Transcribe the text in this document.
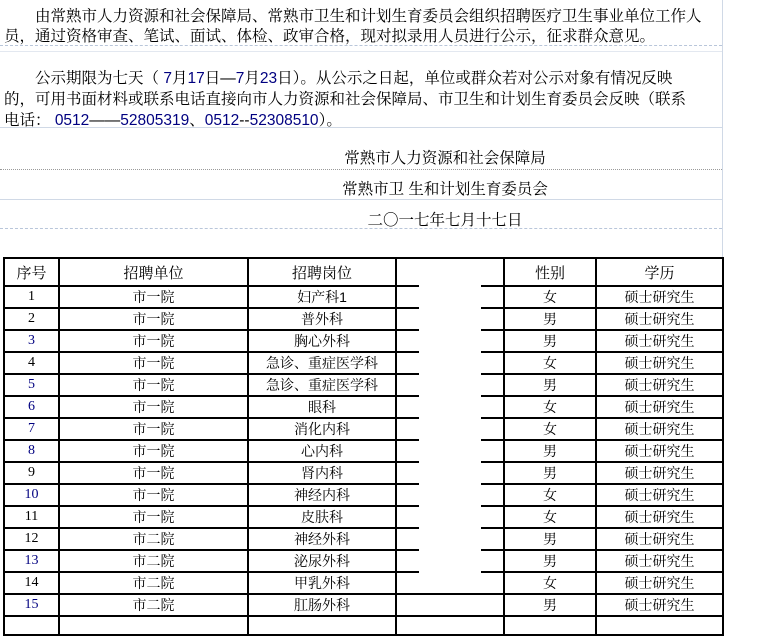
　　由常熟市人力资源和社会保障局、常熟市卫生和计划生育委员会组织招聘医疗卫生事业单位工作人
员，通过资格审查、笔试、面试、体检、政审合格，现对拟录用人员进行公示，征求群众意见。
　　公示期限为七天（ 7月17日—7月23日）。从公示之日起，单位或群众若对公示对象有情况反映
的，可用书面材料或联系电话直接向市人力资源和社会保障局、市卫生和计划生育委员会反映（联系
电话： 0512——52805319、0512--52308510）。
常熟市人力资源和社会保障局
常熟市卫 生和计划生育委员会
二〇一七年七月十七日
序号	招聘单位	招聘岗位		性别	学历
1	市一院	妇产科1		女	硕士研究生
2	市一院	普外科		男	硕士研究生
3	市一院	胸心外科		男	硕士研究生
4	市一院	急诊、重症医学科		女	硕士研究生
5	市一院	急诊、重症医学科		男	硕士研究生
6	市一院	眼科		女	硕士研究生
7	市一院	消化内科		女	硕士研究生
8	市一院	心内科		男	硕士研究生
9	市一院	肾内科		男	硕士研究生
10	市一院	神经内科		女	硕士研究生
11	市一院	皮肤科		女	硕士研究生
12	市二院	神经外科		男	硕士研究生
13	市二院	泌尿外科		男	硕士研究生
14	市二院	甲乳外科		女	硕士研究生
15	市二院	肛肠外科		男	硕士研究生
